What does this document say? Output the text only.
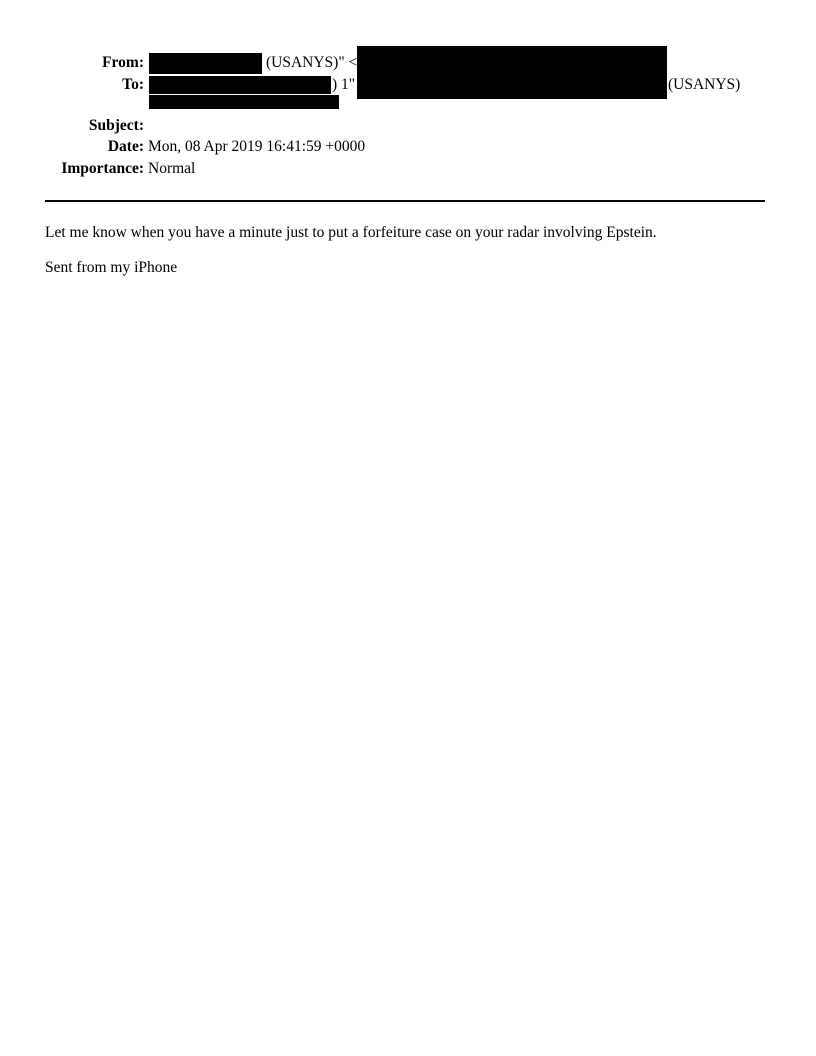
From:
To:
Subject:
Date:
Importance:
(USANYS)" <
) 1"	(USANYS)
Mon, 08 Apr 2019 16:41:59 +0000
Normal
Let me know when you have a minute just to put a forfeiture case on your radar involving Epstein.
Sent from my iPhone
